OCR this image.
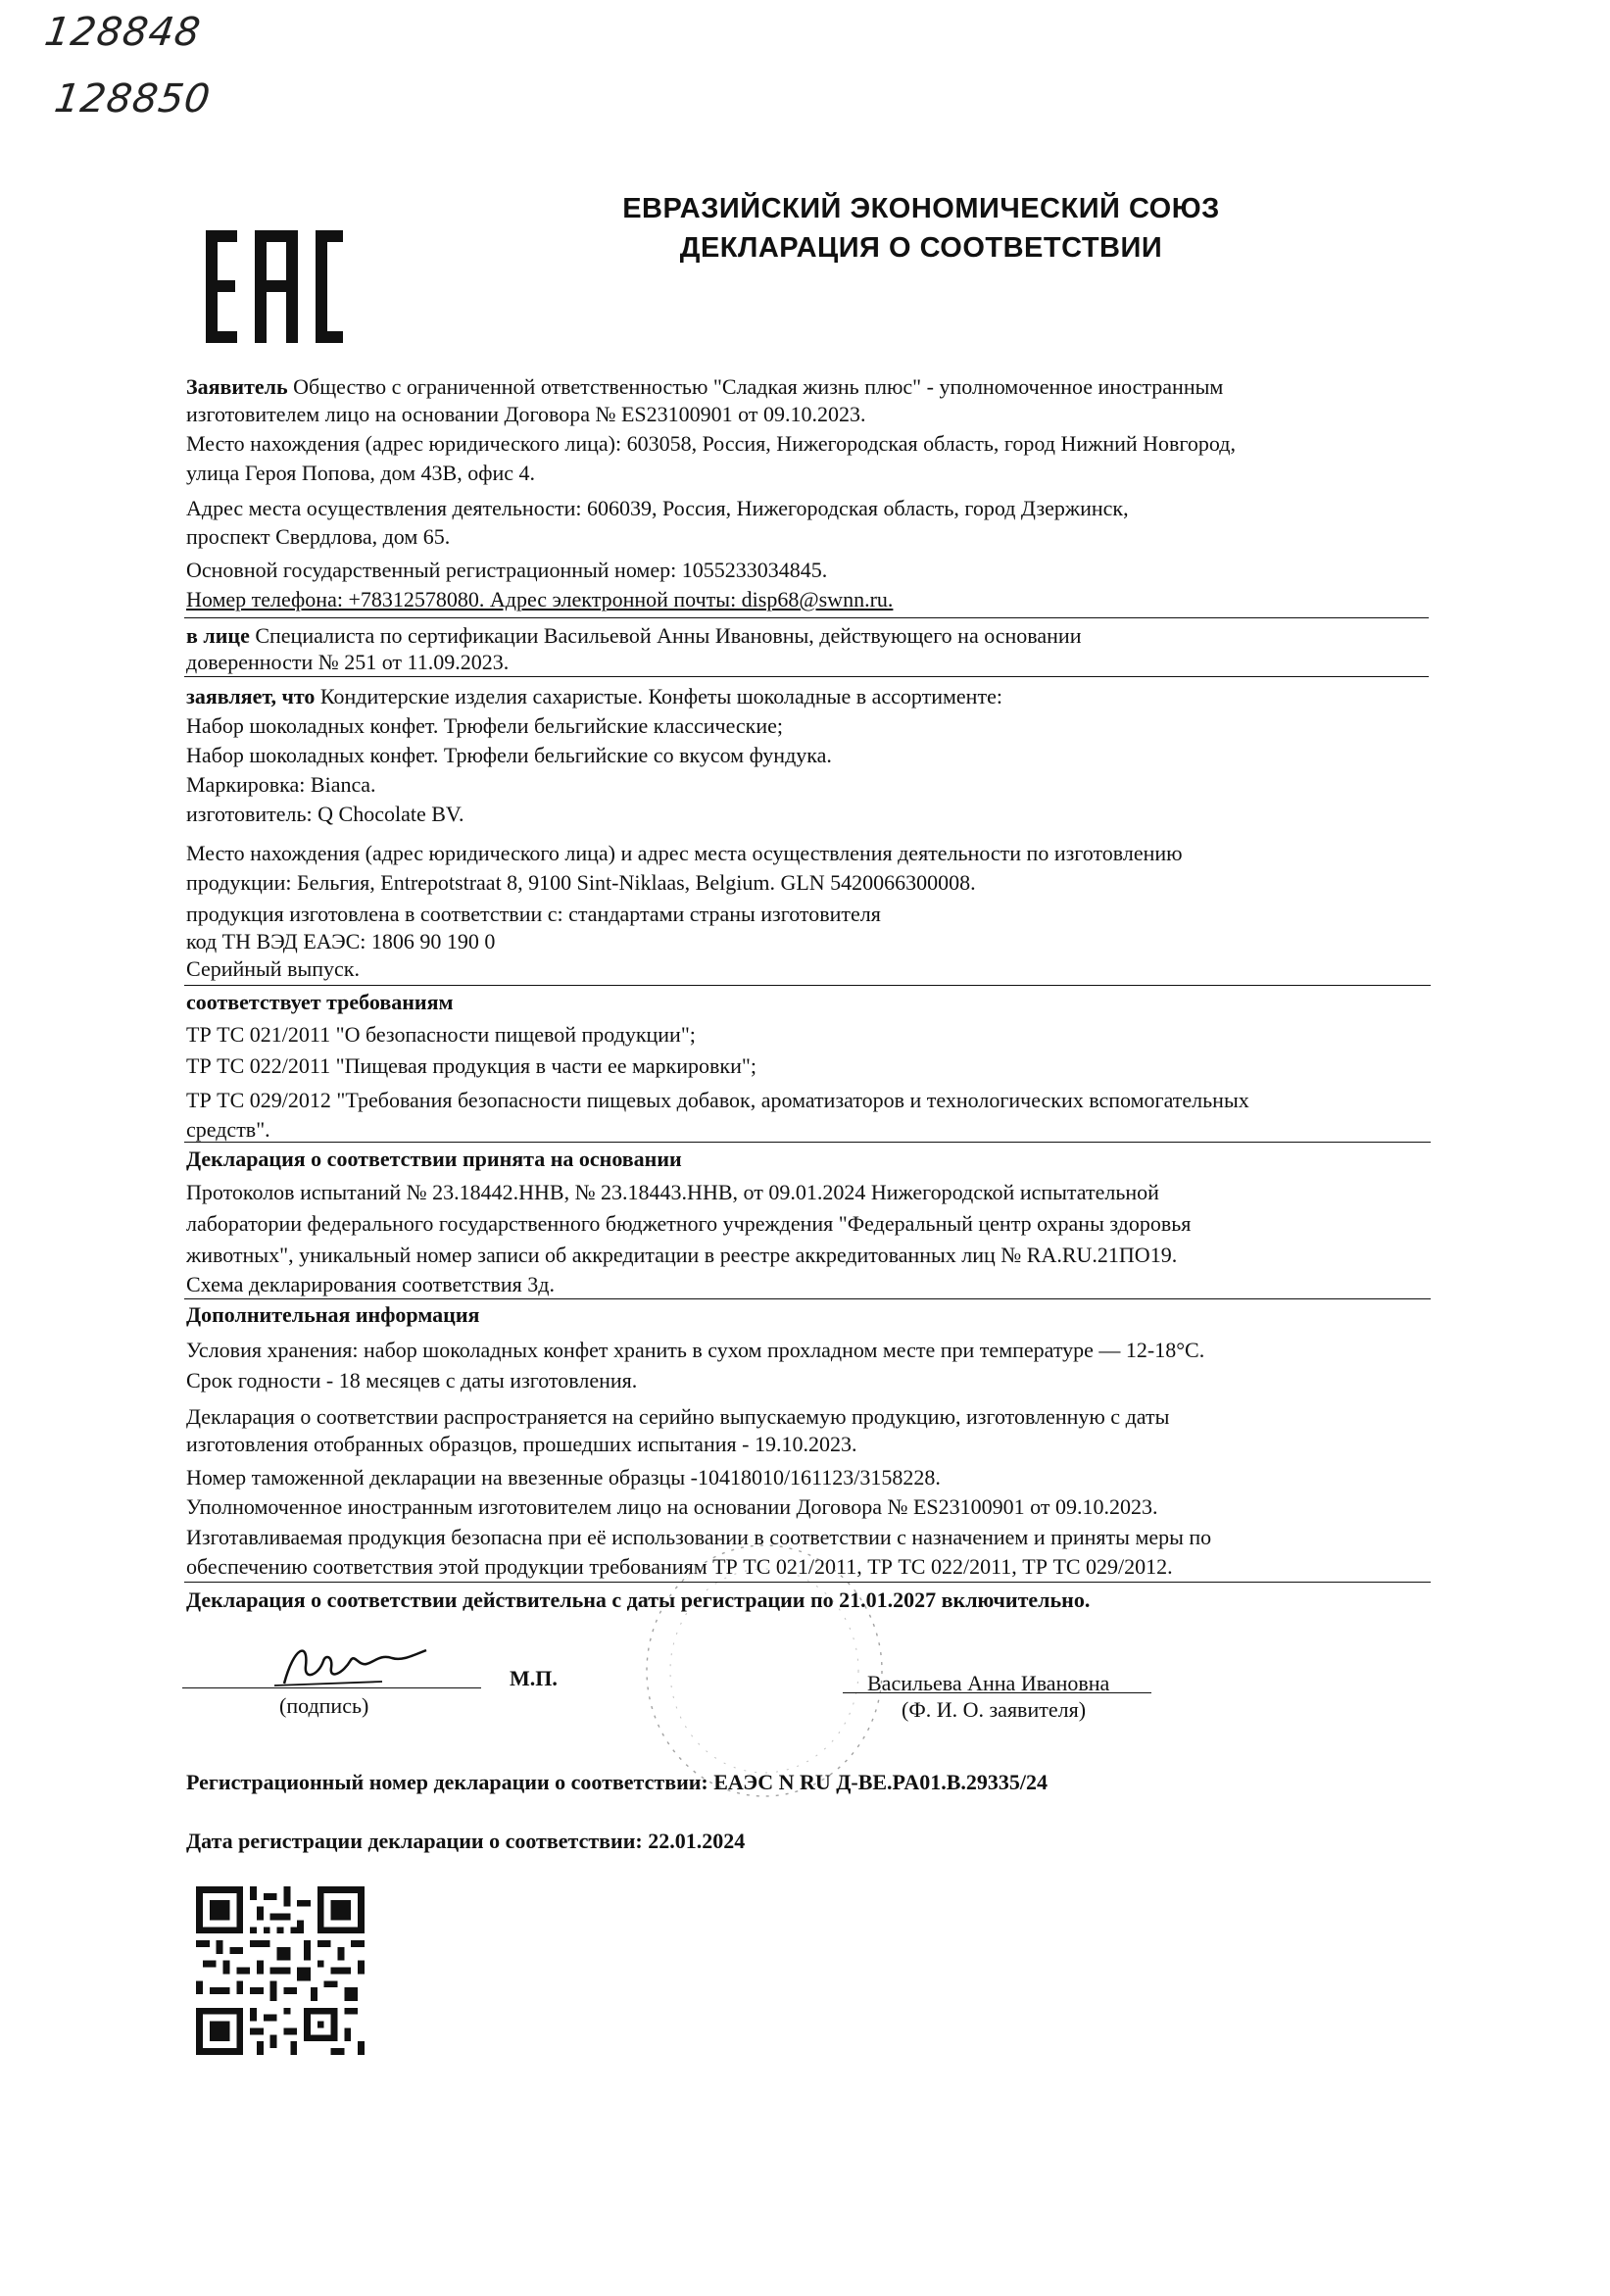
128848
128850
ЕВРАЗИЙСКИЙ ЭКОНОМИЧЕСКИЙ СОЮЗ
ДЕКЛАРАЦИЯ О СООТВЕТСТВИИ
Заявитель Общество с ограниченной ответственностью "Сладкая жизнь плюс" - уполномоченное иностранным
изготовителем лицо на основании Договора № ES23100901 от 09.10.2023.
Место нахождения (адрес юридического лица): 603058, Россия, Нижегородская область, город Нижний Новгород,
улица Героя Попова, дом 43В, офис 4.
Адрес места осуществления деятельности: 606039, Россия, Нижегородская область, город Дзержинск,
проспект Свердлова, дом 65.
Основной государственный регистрационный номер: 1055233034845.
Номер телефона: +78312578080. Адрес электронной почты: disp68@swnn.ru.
в лице Специалиста по сертификации Васильевой Анны Ивановны, действующего на основании
доверенности № 251 от 11.09.2023.
заявляет, что Кондитерские изделия сахаристые. Конфеты шоколадные в ассортименте:
Набор шоколадных конфет. Трюфели бельгийские классические;
Набор шоколадных конфет. Трюфели бельгийские со вкусом фундука.
Маркировка: Bianca.
изготовитель: Q Chocolate BV.
Место нахождения (адрес юридического лица) и адрес места осуществления деятельности по изготовлению
продукции: Бельгия, Entrepotstraat 8, 9100 Sint-Niklaas, Belgium. GLN 5420066300008.
продукция изготовлена в соответствии с: стандартами страны изготовителя
код ТН ВЭД ЕАЭС: 1806 90 190 0
Серийный выпуск.
соответствует требованиям
ТР ТС 021/2011 "О безопасности пищевой продукции";
ТР ТС 022/2011 "Пищевая продукция в части ее маркировки";
ТР ТС 029/2012 "Требования безопасности пищевых добавок, ароматизаторов и технологических вспомогательных
средств".
Декларация о соответствии принята на основании
Протоколов испытаний № 23.18442.НHB, № 23.18443.НHB, от 09.01.2024 Нижегородской испытательной
лаборатории федерального государственного бюджетного учреждения "Федеральный центр охраны здоровья
животных", уникальный номер записи об аккредитации в реестре аккредитованных лиц № RA.RU.21ПО19.
Схема декларирования соответствия 3д.
Дополнительная информация
Условия хранения: набор шоколадных конфет хранить в сухом прохладном месте при температуре — 12-18°С.
Срок годности - 18 месяцев с даты изготовления.
Декларация о соответствии распространяется на серийно выпускаемую продукцию, изготовленную с даты
изготовления отобранных образцов, прошедших испытания - 19.10.2023.
Номер таможенной декларации на ввезенные образцы -10418010/161123/3158228.
Уполномоченное иностранным изготовителем лицо на основании Договора № ES23100901 от 09.10.2023.
Изготавливаемая продукция безопасна при её использовании в соответствии с назначением и приняты меры по
обеспечению соответствия этой продукции требованиям ТР ТС 021/2011, ТР ТС 022/2011, ТР ТС 029/2012.
Декларация о соответствии действительна с даты регистрации по 21.01.2027 включительно.
(подпись)
М.П.	Васильева Анна Ивановна
(Ф. И. О. заявителя)
Регистрационный номер декларации о соответствии: ЕАЭС N RU Д-BE.PA01.B.29335/24
Дата регистрации декларации о соответствии: 22.01.2024
